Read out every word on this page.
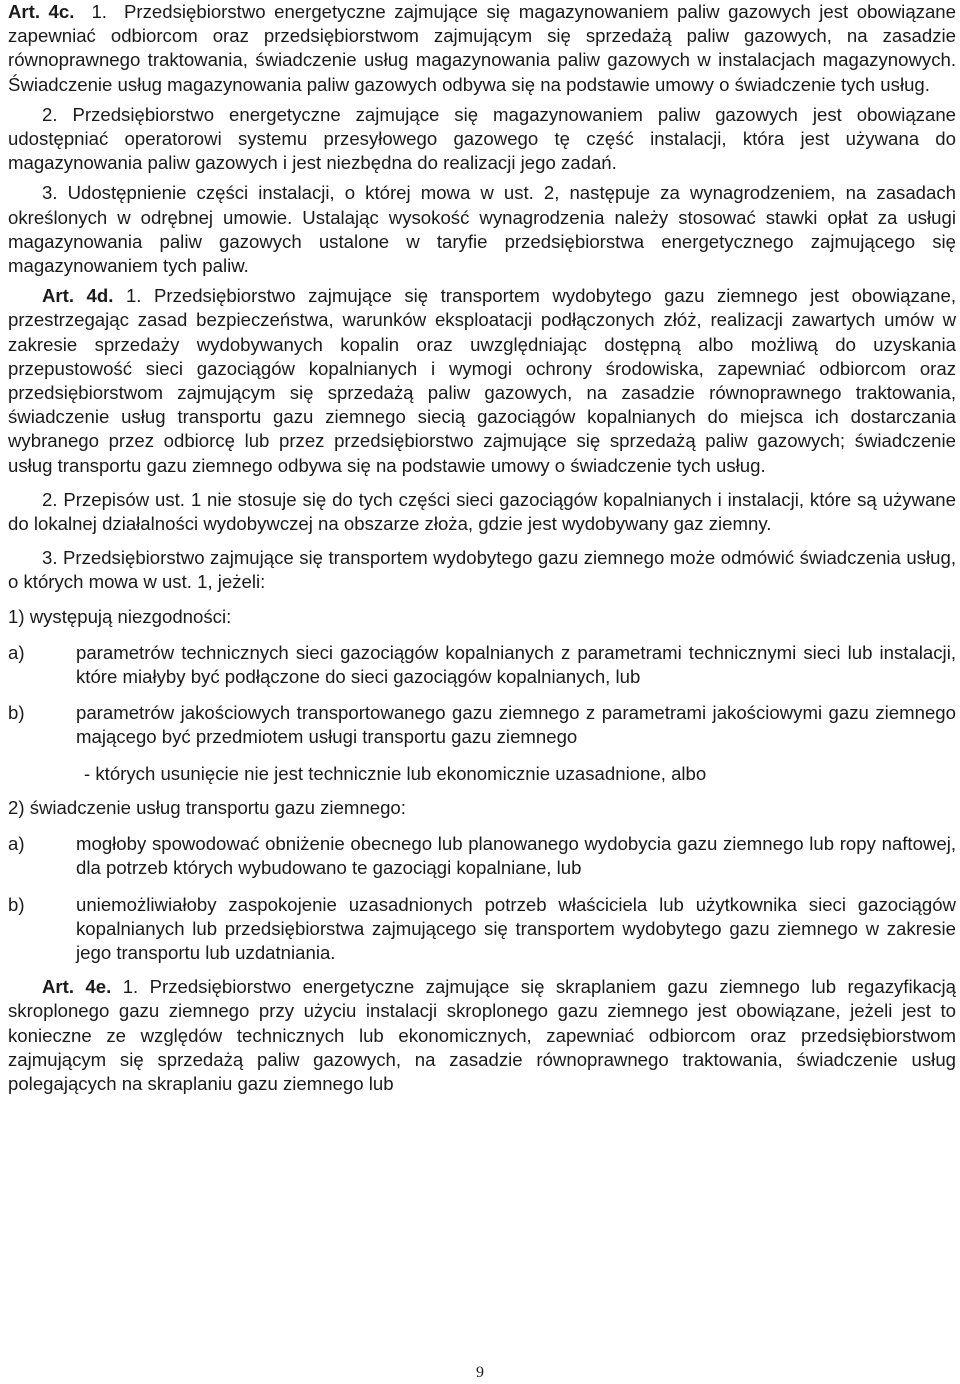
Art. 4c. 1. Przedsiębiorstwo energetyczne zajmujące się magazynowaniem paliw gazowych jest obowiązane zapewniać odbiorcom oraz przedsiębiorstwom zajmującym się sprzedażą paliw gazowych, na zasadzie równoprawnego traktowania, świadczenie usług magazynowania paliw gazowych w instalacjach magazynowych. Świadczenie usług magazynowania paliw gazowych odbywa się na podstawie umowy o świadczenie tych usług.

2. Przedsiębiorstwo energetyczne zajmujące się magazynowaniem paliw gazowych jest obowiązane udostępniać operatorowi systemu przesyłowego gazowego tę część instalacji, która jest używana do magazynowania paliw gazowych i jest niezbędna do realizacji jego zadań.

3. Udostępnienie części instalacji, o której mowa w ust. 2, następuje za wynagrodzeniem, na zasadach określonych w odrębnej umowie. Ustalając wysokość wynagrodzenia należy stosować stawki opłat za usługi magazynowania paliw gazowych ustalone w taryfie przedsiębiorstwa energetycznego zajmującego się magazynowaniem tych paliw.

Art. 4d. 1. Przedsiębiorstwo zajmujące się transportem wydobytego gazu ziemnego jest obowiązane, przestrzegając zasad bezpieczeństwa, warunków eksploatacji podłączonych złóż, realizacji zawartych umów w zakresie sprzedaży wydobywanych kopalin oraz uwzględniając dostępną albo możliwą do uzyskania przepustowość sieci gazociągów kopalnianych i wymogi ochrony środowiska, zapewniać odbiorcom oraz przedsiębiorstwom zajmującym się sprzedażą paliw gazowych, na zasadzie równoprawnego traktowania, świadczenie usług transportu gazu ziemnego siecią gazociągów kopalnianych do miejsca ich dostarczania wybranego przez odbiorcę lub przez przedsiębiorstwo zajmujące się sprzedażą paliw gazowych; świadczenie usług transportu gazu ziemnego odbywa się na podstawie umowy o świadczenie tych usług.

2. Przepisów ust. 1 nie stosuje się do tych części sieci gazociągów kopalnianych i instalacji, które są używane do lokalnej działalności wydobywczej na obszarze złoża, gdzie jest wydobywany gaz ziemny.

3. Przedsiębiorstwo zajmujące się transportem wydobytego gazu ziemnego może odmówić świadczenia usług, o których mowa w ust. 1, jeżeli:

1) występują niezgodności:

a)	parametrów technicznych sieci gazociągów kopalnianych z parametrami technicznymi sieci lub instalacji, które miałyby być podłączone do sieci gazociągów kopalnianych, lub
b)	parametrów jakościowych transportowanego gazu ziemnego z parametrami jakościowymi gazu ziemnego mającego być przedmiotem usługi transportu gazu ziemnego
- których usunięcie nie jest technicznie lub ekonomicznie uzasadnione, albo

2) świadczenie usług transportu gazu ziemnego:

a)	mogłoby spowodować obniżenie obecnego lub planowanego wydobycia gazu ziemnego lub ropy naftowej, dla potrzeb których wybudowano te gazociągi kopalniane, lub
b)	uniemożliwiałoby zaspokojenie uzasadnionych potrzeb właściciela lub użytkownika sieci gazociągów kopalnianych lub przedsiębiorstwa zajmującego się transportem wydobytego gazu ziemnego w zakresie jego transportu lub uzdatniania.

Art. 4e. 1. Przedsiębiorstwo energetyczne zajmujące się skraplaniem gazu ziemnego lub regazyfikacją skroplonego gazu ziemnego przy użyciu instalacji skroplonego gazu ziemnego jest obowiązane, jeżeli jest to konieczne ze względów technicznych lub ekonomicznych, zapewniać odbiorcom oraz przedsiębiorstwom zajmującym się sprzedażą paliw gazowych, na zasadzie równoprawnego traktowania, świadczenie usług polegających na skraplaniu gazu ziemnego lub

9
